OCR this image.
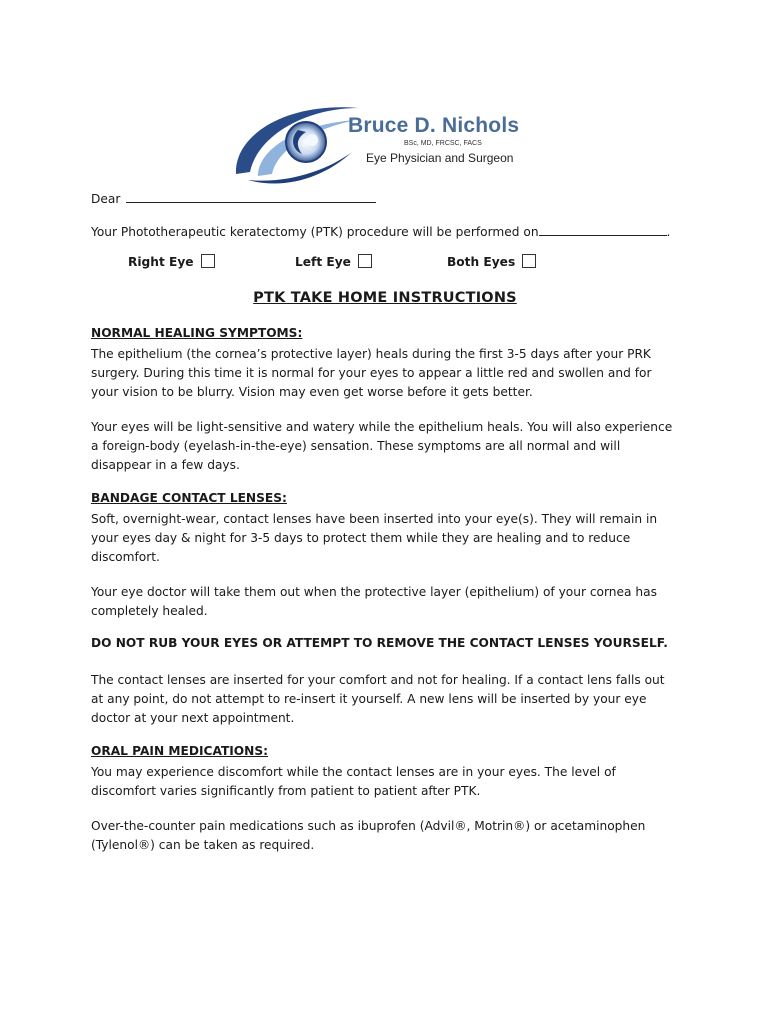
Bruce D. Nichols
BSc, MD, FRCSC, FACS
Eye Physician and Surgeon
Dear
Your Phototherapeutic keratectomy (PTK) procedure will be performed on	.
Right Eye	Left Eye	Both Eyes
PTK TAKE HOME INSTRUCTIONS
NORMAL HEALING SYMPTOMS:
The epithelium (the cornea’s protective layer) heals during the first 3-5 days after your PRK
surgery. During this time it is normal for your eyes to appear a little red and swollen and for
your vision to be blurry. Vision may even get worse before it gets better.
Your eyes will be light-sensitive and watery while the epithelium heals. You will also experience
a foreign-body (eyelash-in-the-eye) sensation. These symptoms are all normal and will
disappear in a few days.
BANDAGE CONTACT LENSES:
Soft, overnight-wear, contact lenses have been inserted into your eye(s). They will remain in
your eyes day & night for 3-5 days to protect them while they are healing and to reduce
discomfort.
Your eye doctor will take them out when the protective layer (epithelium) of your cornea has
completely healed.
DO NOT RUB YOUR EYES OR ATTEMPT TO REMOVE THE CONTACT LENSES YOURSELF.
The contact lenses are inserted for your comfort and not for healing. If a contact lens falls out
at any point, do not attempt to re-insert it yourself. A new lens will be inserted by your eye
doctor at your next appointment.
ORAL PAIN MEDICATIONS:
You may experience discomfort while the contact lenses are in your eyes. The level of
discomfort varies significantly from patient to patient after PTK.
Over-the-counter pain medications such as ibuprofen (Advil®, Motrin®) or acetaminophen
(Tylenol®) can be taken as required.
